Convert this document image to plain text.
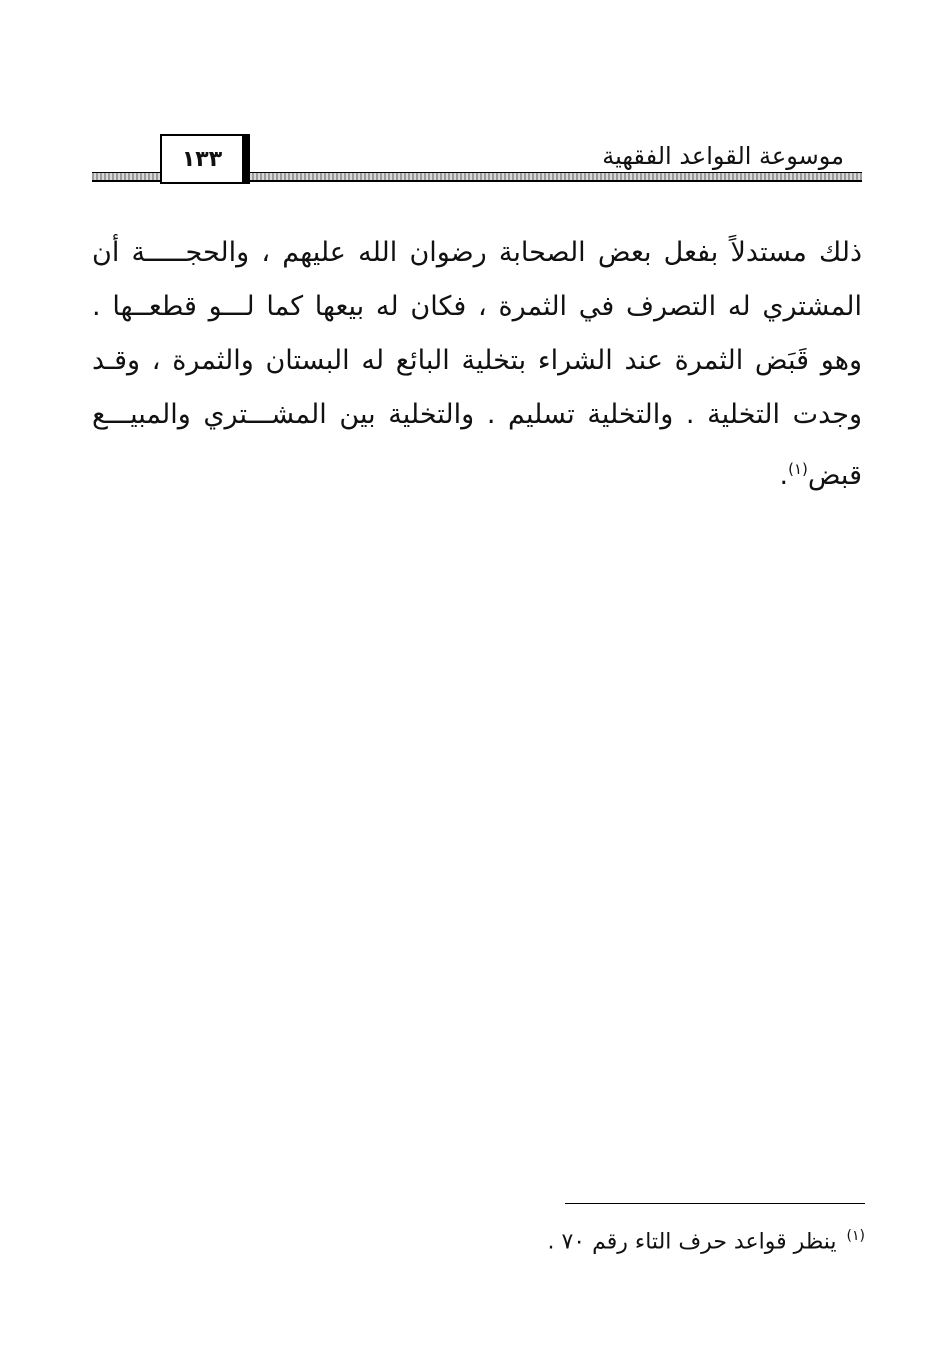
موسوعة القواعد الفقهية
١٣٣
ذلك مستدلاً بفعل بعض الصحابة رضوان الله عليهم ، والحجـــــة أن
المشتري له التصرف في الثمرة ، فكان له بيعها كما لـــو قطعــها .
وهو قَبَض الثمرة عند الشراء بتخلية البائع له البستان والثمرة ، وقـد
وجدت التخلية . والتخلية تسليم . والتخلية بين المشـــتري والمبيـــع
قبض$^{(١)}$.
$^{(١)}$ينظر قواعد حرف التاء رقم ٧٠ .
